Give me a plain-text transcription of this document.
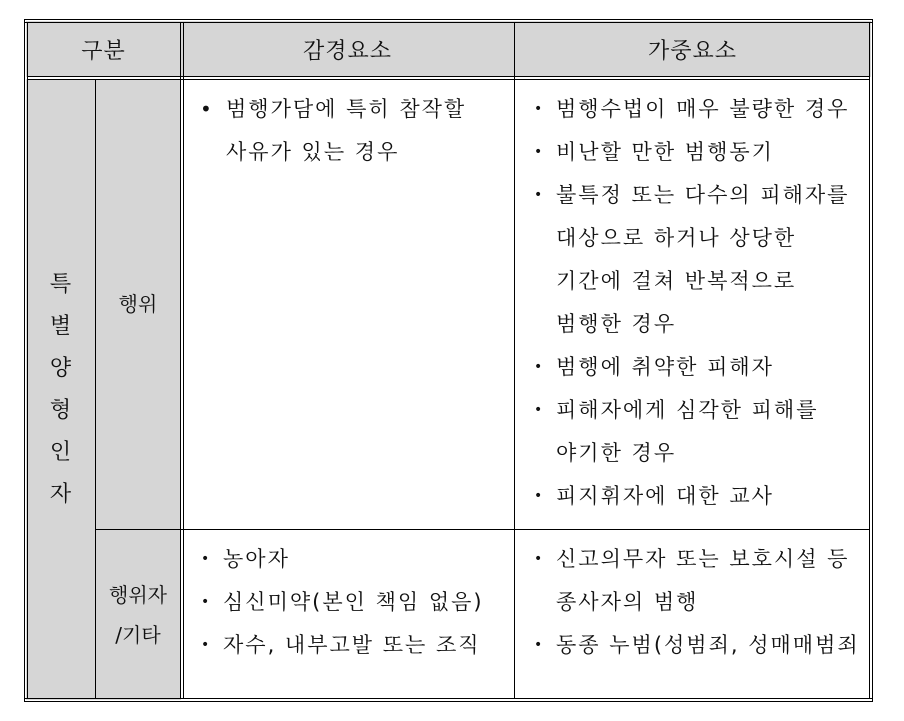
구분	감경요소	가중요소
특
별
양
형
인
자
행위
행위자
/기타
• 범행가담에 특히 참작할 사유가 있는 경우
• 범행수법이 매우 불량한 경우
• 비난할 만한 범행동기
• 불특정 또는 다수의 피해자를 대상으로 하거나 상당한 기간에 걸쳐 반복적으로 범행한 경우
• 범행에 취약한 피해자
• 피해자에게 심각한 피해를 야기한 경우
• 피지휘자에 대한 교사
• 농아자
• 심신미약(본인 책임 없음)
• 자수, 내부고발 또는 조직
• 신고의무자 또는 보호시설 등 종사자의 범행
• 동종 누범(성범죄, 성매매범죄
